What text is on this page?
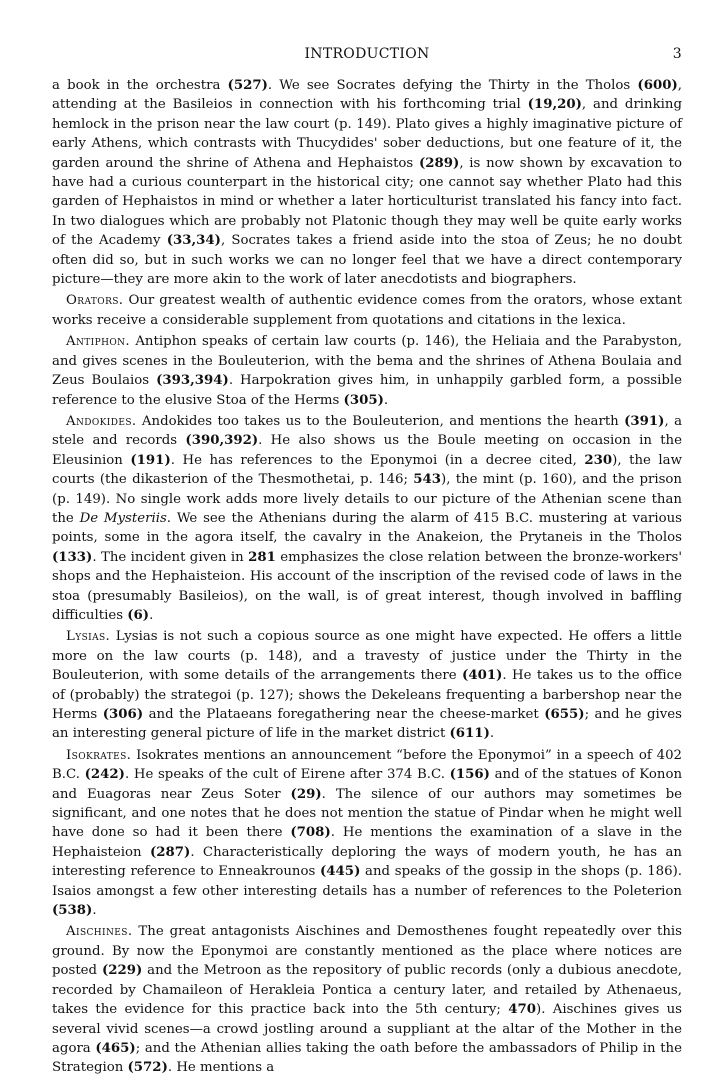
INTRODUCTION	3

a book in the orchestra (527). We see Socrates defying the Thirty in the Tholos (600), attending at the Basileios in connection with his forthcoming trial (19,20), and drinking hemlock in the prison near the law court (p. 149). Plato gives a highly imaginative picture of early Athens, which contrasts with Thucydides' sober deductions, but one feature of it, the garden around the shrine of Athena and Hephaistos (289), is now shown by excavation to have had a curious counterpart in the historical city; one cannot say whether Plato had this garden of Hephaistos in mind or whether a later horticulturist translated his fancy into fact. In two dialogues which are probably not Platonic though they may well be quite early works of the Academy (33,34), Socrates takes a friend aside into the stoa of Zeus; he no doubt often did so, but in such works we can no longer feel that we have a direct contemporary picture—they are more akin to the work of later anecdotists and biographers.

Orators. Our greatest wealth of authentic evidence comes from the orators, whose extant works receive a considerable supplement from quotations and citations in the lexica.

Antiphon. Antiphon speaks of certain law courts (p. 146), the Heliaia and the Parabyston, and gives scenes in the Bouleuterion, with the bema and the shrines of Athena Boulaia and Zeus Boulaios (393,394). Harpokration gives him, in unhappily garbled form, a possible reference to the elusive Stoa of the Herms (305).

Andokides. Andokides too takes us to the Bouleuterion, and mentions the hearth (391), a stele and records (390,392). He also shows us the Boule meeting on occasion in the Eleusinion (191). He has references to the Eponymoi (in a decree cited, 230), the law courts (the dikasterion of the Thesmothetai, p. 146; 543), the mint (p. 160), and the prison (p. 149). No single work adds more lively details to our picture of the Athenian scene than the De Mysteriis. We see the Athenians during the alarm of 415 B.C. mustering at various points, some in the agora itself, the cavalry in the Anakeion, the Prytaneis in the Tholos (133). The incident given in 281 emphasizes the close relation between the bronze-workers' shops and the Hephaisteion. His account of the inscription of the revised code of laws in the stoa (presumably Basileios), on the wall, is of great interest, though involved in baffling difficulties (6).

Lysias. Lysias is not such a copious source as one might have expected. He offers a little more on the law courts (p. 148), and a travesty of justice under the Thirty in the Bouleuterion, with some details of the arrangements there (401). He takes us to the office of (probably) the strategoi (p. 127); shows the Dekeleans frequenting a barbershop near the Herms (306) and the Plataeans foregathering near the cheese-market (655); and he gives an interesting general picture of life in the market district (611).

Isokrates. Isokrates mentions an announcement “before the Eponymoi” in a speech of 402 B.C. (242). He speaks of the cult of Eirene after 374 B.C. (156) and of the statues of Konon and Euagoras near Zeus Soter (29). The silence of our authors may sometimes be significant, and one notes that he does not mention the statue of Pindar when he might well have done so had it been there (708). He mentions the examination of a slave in the Hephaisteion (287). Characteristically deploring the ways of modern youth, he has an interesting reference to Enneakrounos (445) and speaks of the gossip in the shops (p. 186). Isaios amongst a few other interesting details has a number of references to the Poleterion (538).

Aischines. The great antagonists Aischines and Demosthenes fought repeatedly over this ground. By now the Eponymoi are constantly mentioned as the place where notices are posted (229) and the Metroon as the repository of public records (only a dubious anecdote, recorded by Chamaileon of Herakleia Pontica a century later, and retailed by Athenaeus, takes the evidence for this practice back into the 5th century; 470). Aischines gives us several vivid scenes—a crowd jostling around a suppliant at the altar of the Mother in the agora (465); and the Athenian allies taking the oath before the ambassadors of Philip in the Strategion (572). He mentions a
